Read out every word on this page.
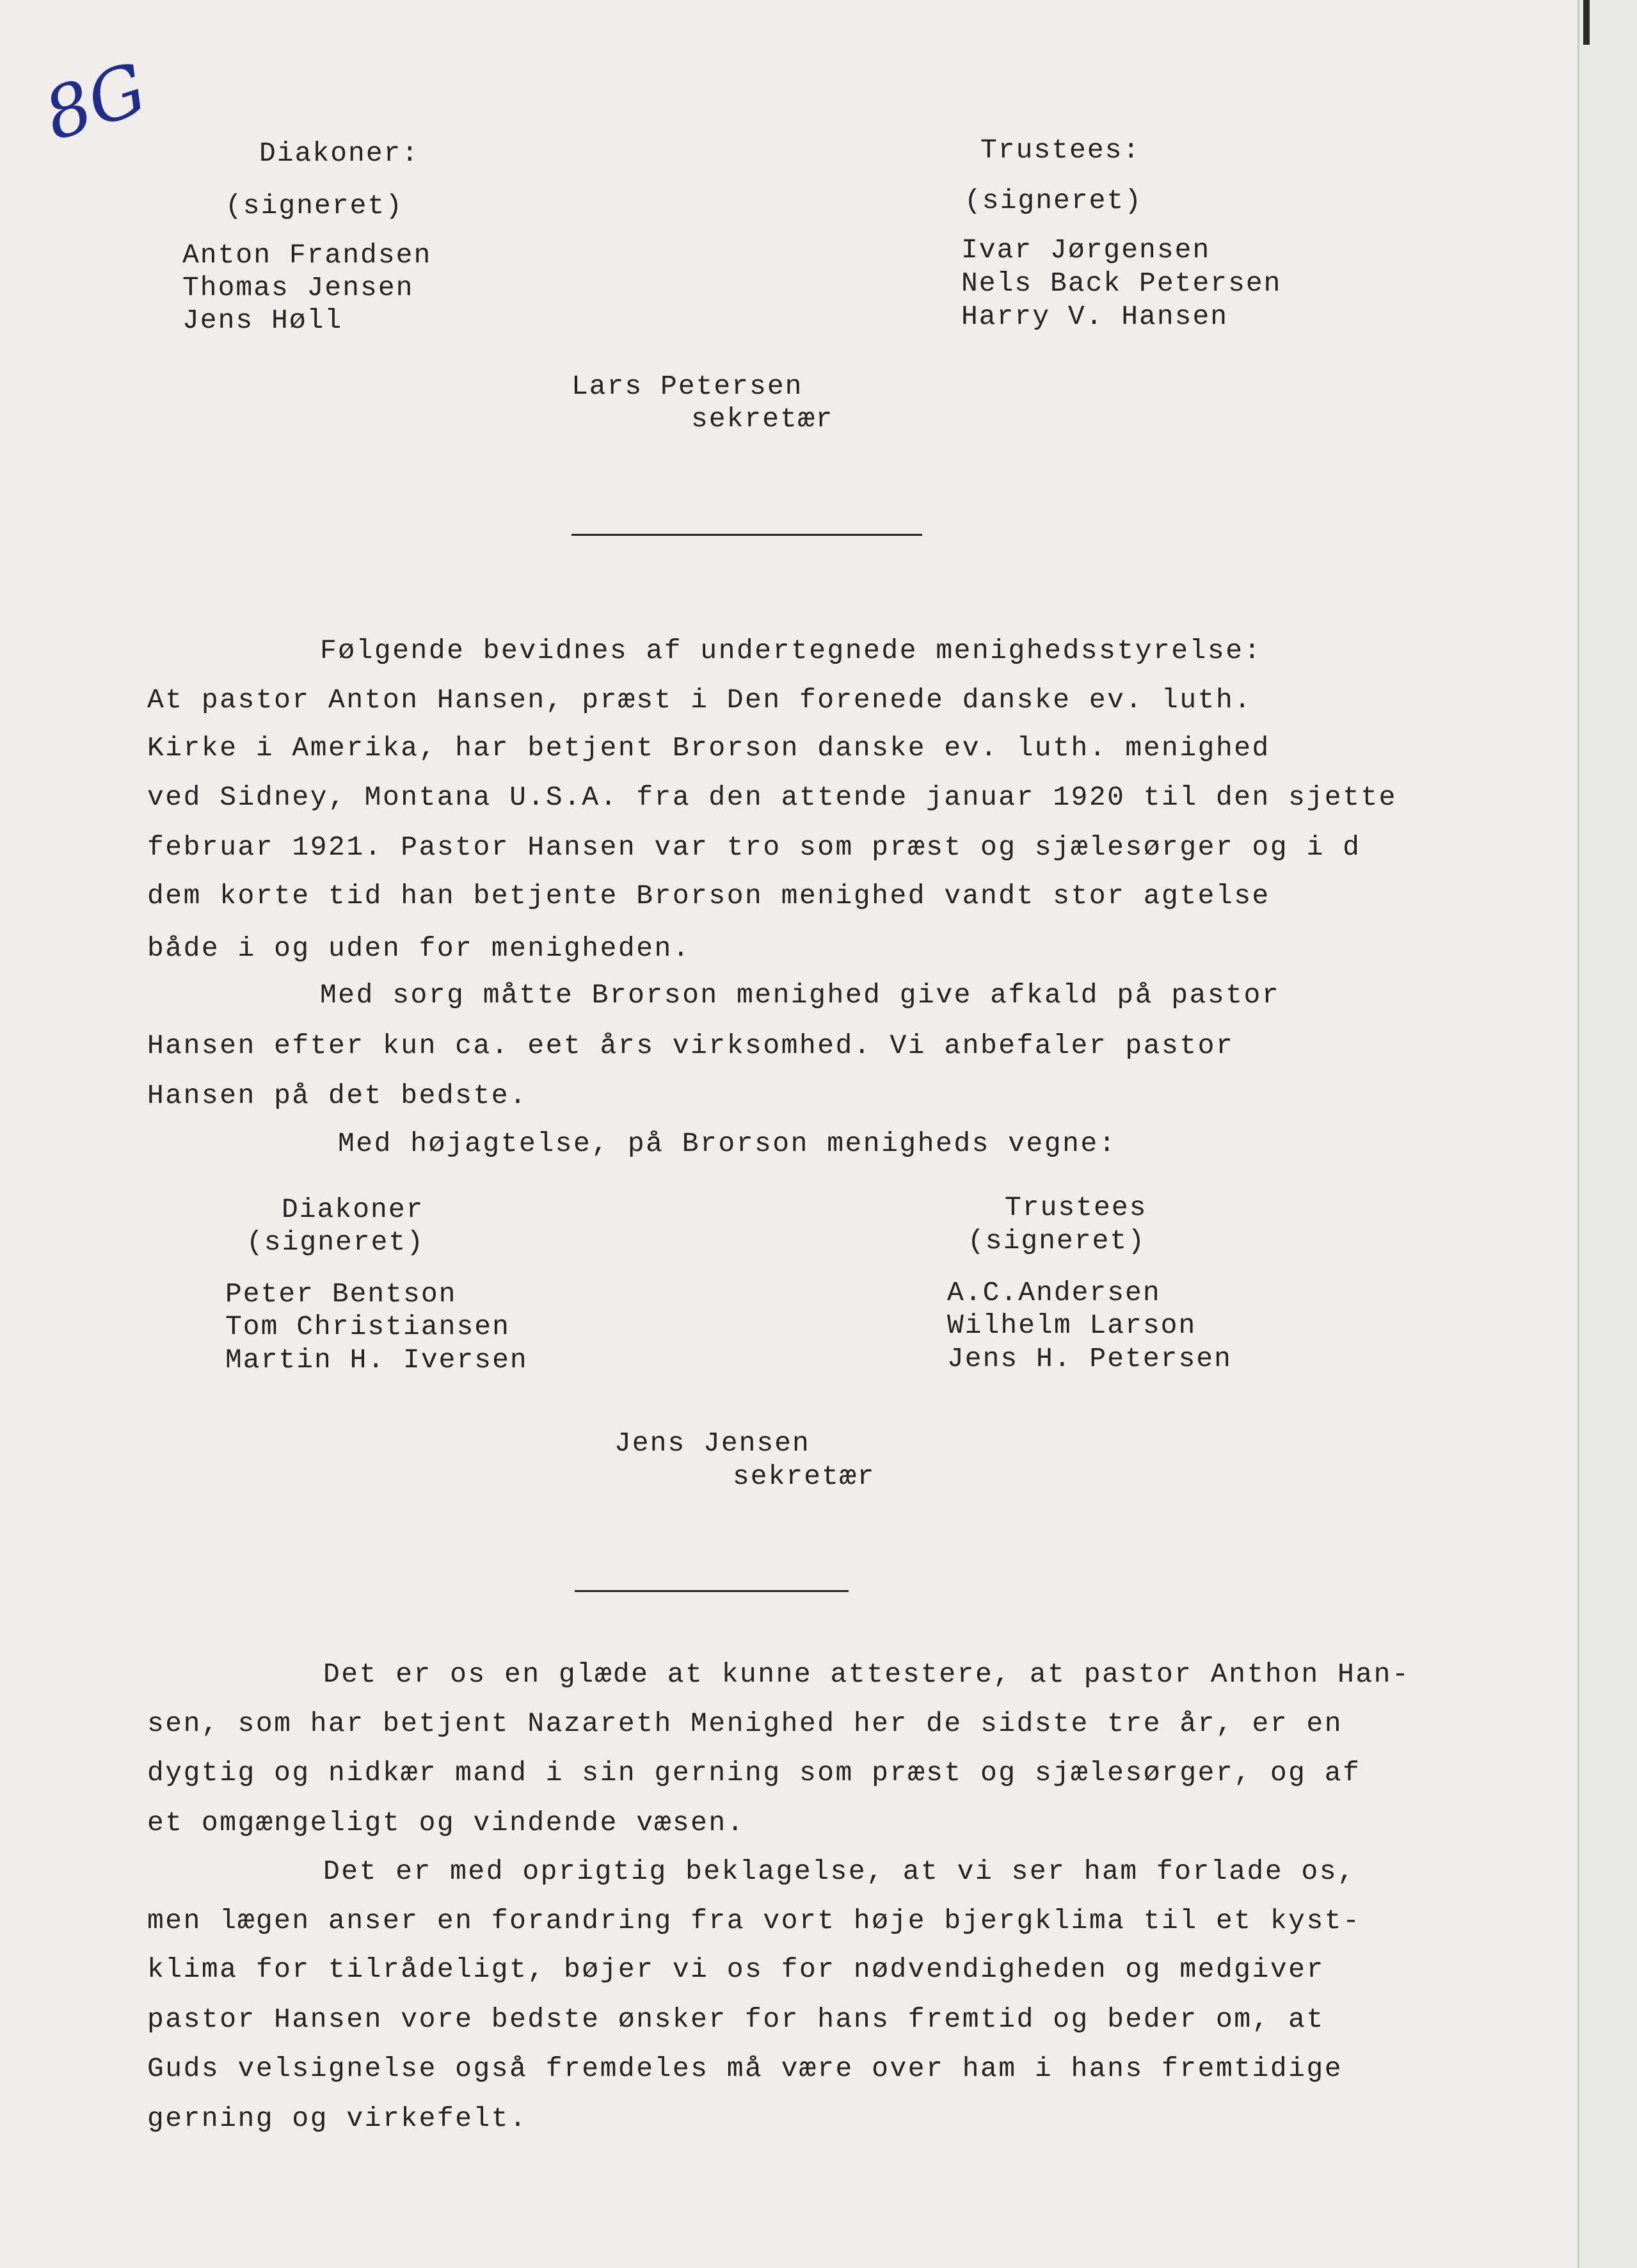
8G	Diakoner:
(signeret)
Anton Frandsen
Thomas Jensen
Jens Høll
Trustees:
(signeret)
Ivar Jørgensen
Nels Back Petersen
Harry V. Hansen
Lars Petersen
sekretær
Følgende bevidnes af undertegnede menighedsstyrelse:
At pastor Anton Hansen, præst i Den forenede danske ev. luth.
Kirke i Amerika, har betjent Brorson danske ev. luth. menighed
ved Sidney, Montana U.S.A. fra den attende januar 1920 til den sjette
februar 1921. Pastor Hansen var tro som præst og sjælesørger og i d
dem korte tid han betjente Brorson menighed vandt stor agtelse
både i og uden for menigheden.
Med sorg måtte Brorson menighed give afkald på pastor
Hansen efter kun ca. eet års virksomhed. Vi anbefaler pastor
Hansen på det bedste.
Med højagtelse, på Brorson menigheds vegne:
Diakoner
(signeret)
Peter Bentson
Tom Christiansen
Martin H. Iversen
Trustees
(signeret)
A.C.Andersen
Wilhelm Larson
Jens H. Petersen
Jens Jensen
sekretær
Det er os en glæde at kunne attestere, at pastor Anthon Han-
sen, som har betjent Nazareth Menighed her de sidste tre år, er en
dygtig og nidkær mand i sin gerning som præst og sjælesørger, og af
et omgængeligt og vindende væsen.
Det er med oprigtig beklagelse, at vi ser ham forlade os,
men lægen anser en forandring fra vort høje bjergklima til et kyst-
klima for tilrådeligt, bøjer vi os for nødvendigheden og medgiver
pastor Hansen vore bedste ønsker for hans fremtid og beder om, at
Guds velsignelse også fremdeles må være over ham i hans fremtidige
gerning og virkefelt.
